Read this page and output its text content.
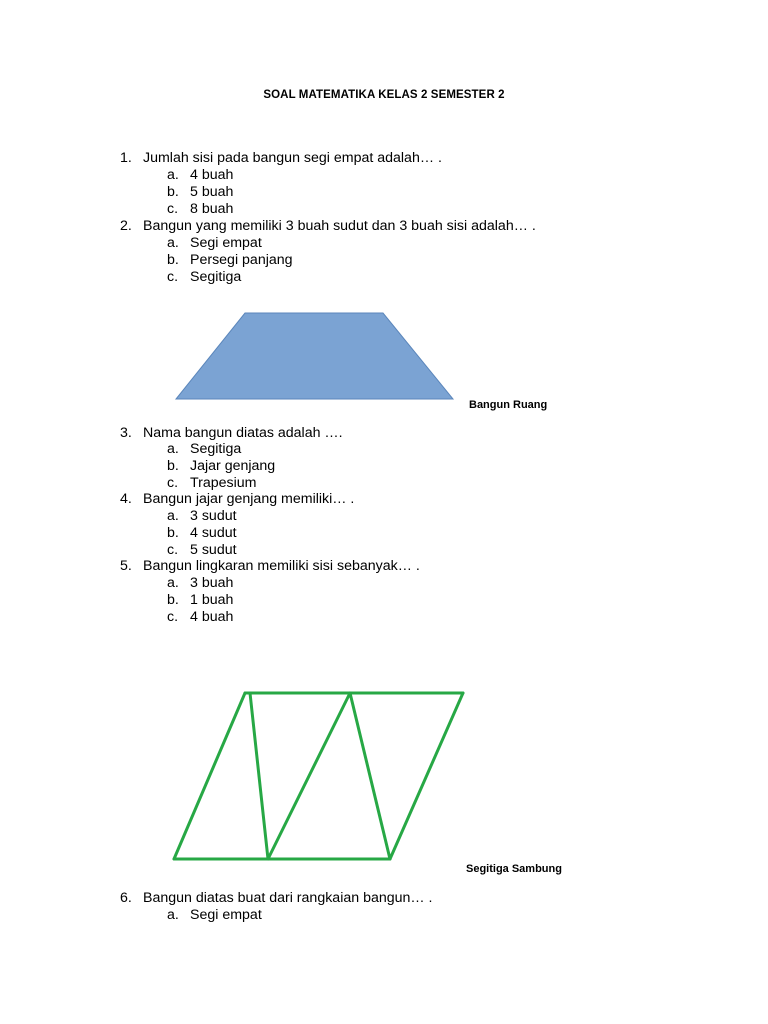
SOAL MATEMATIKA KELAS 2 SEMESTER 2
1. Jumlah sisi pada bangun segi empat adalah… .
a. 4 buah
b. 5 buah
c. 8 buah
2. Bangun yang memiliki 3 buah sudut dan 3 buah sisi adalah… .
a. Segi empat
b. Persegi panjang
c. Segitiga
Bangun Ruang
3. Nama bangun diatas adalah ….
a. Segitiga
b. Jajar genjang
c. Trapesium
4. Bangun jajar genjang memiliki… .
a. 3 sudut
b. 4 sudut
c. 5 sudut
5. Bangun lingkaran memiliki sisi sebanyak… .
a. 3 buah
b. 1 buah
c. 4 buah
Segitiga Sambung
6. Bangun diatas buat dari rangkaian bangun… .
a. Segi empat
